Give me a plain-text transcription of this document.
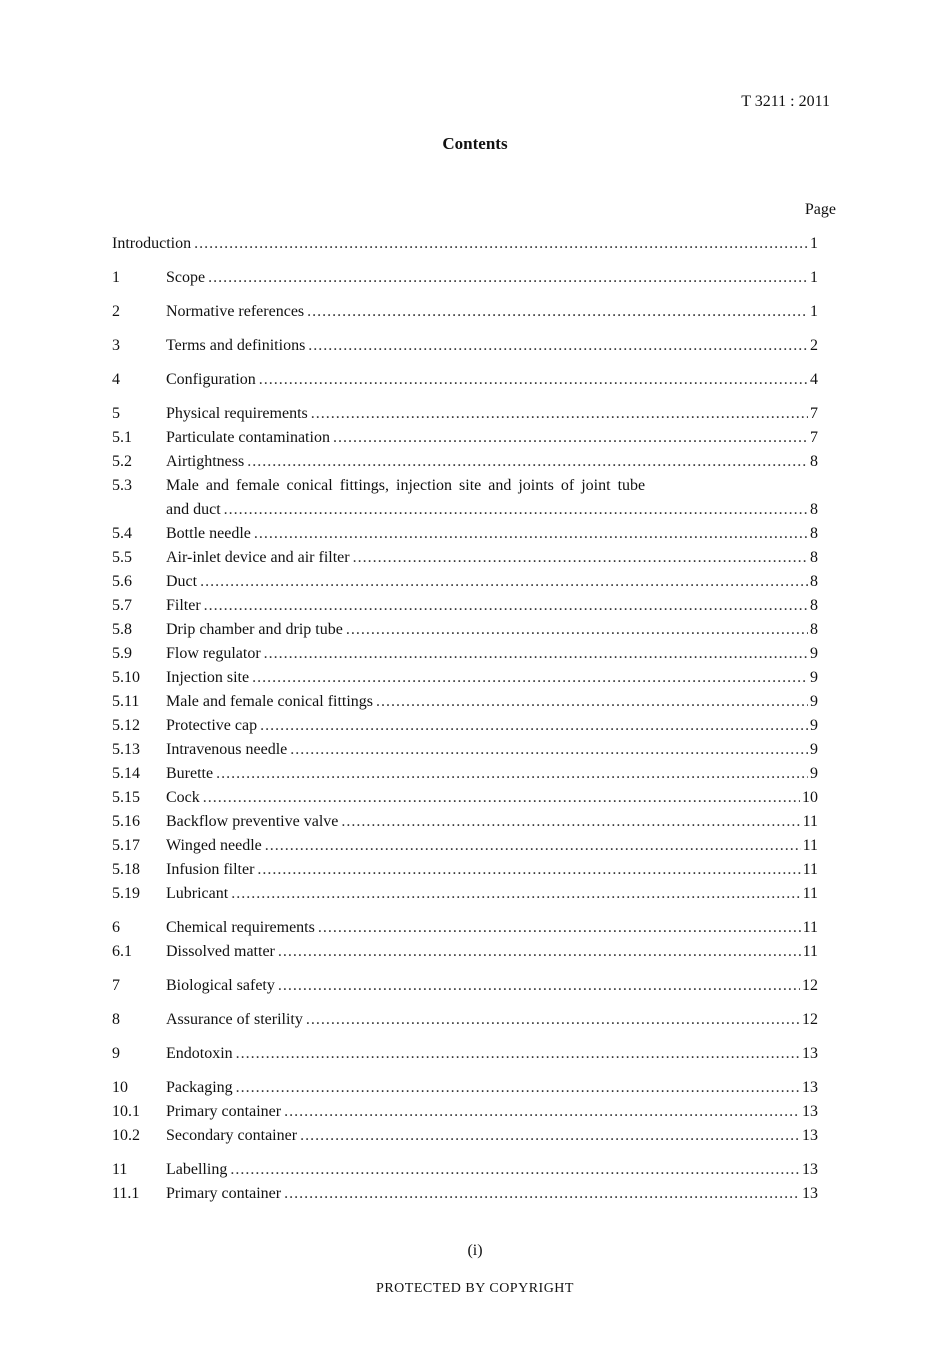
T 3211 : 2011
Contents
Page
Introduction .....	1
1	Scope .....	1
2	Normative references .....	1
3	Terms and definitions .....	2
4	Configuration .....	4
5	Physical requirements .....	7
5.1	Particulate contamination .....	7
5.2	Airtightness .....	8
5.3	Male and female conical fittings, injection site and joints of joint tube
and duct .....	8
5.4	Bottle needle .....	8
5.5	Air-inlet device and air filter .....	8
5.6	Duct .....	8
5.7	Filter .....	8
5.8	Drip chamber and drip tube .....	8
5.9	Flow regulator .....	9
5.10	Injection site .....	9
5.11	Male and female conical fittings .....	9
5.12	Protective cap .....	9
5.13	Intravenous needle .....	9
5.14	Burette .....	9
5.15	Cock .....	10
5.16	Backflow preventive valve .....	11
5.17	Winged needle .....	11
5.18	Infusion filter .....	11
5.19	Lubricant .....	11
6	Chemical requirements .....	11
6.1	Dissolved matter .....	11
7	Biological safety .....	12
8	Assurance of sterility .....	12
9	Endotoxin .....	13
10	Packaging .....	13
10.1	Primary container .....	13
10.2	Secondary container .....	13
11	Labelling .....	13
11.1	Primary container .....	13
(i)
PROTECTED BY COPYRIGHT
